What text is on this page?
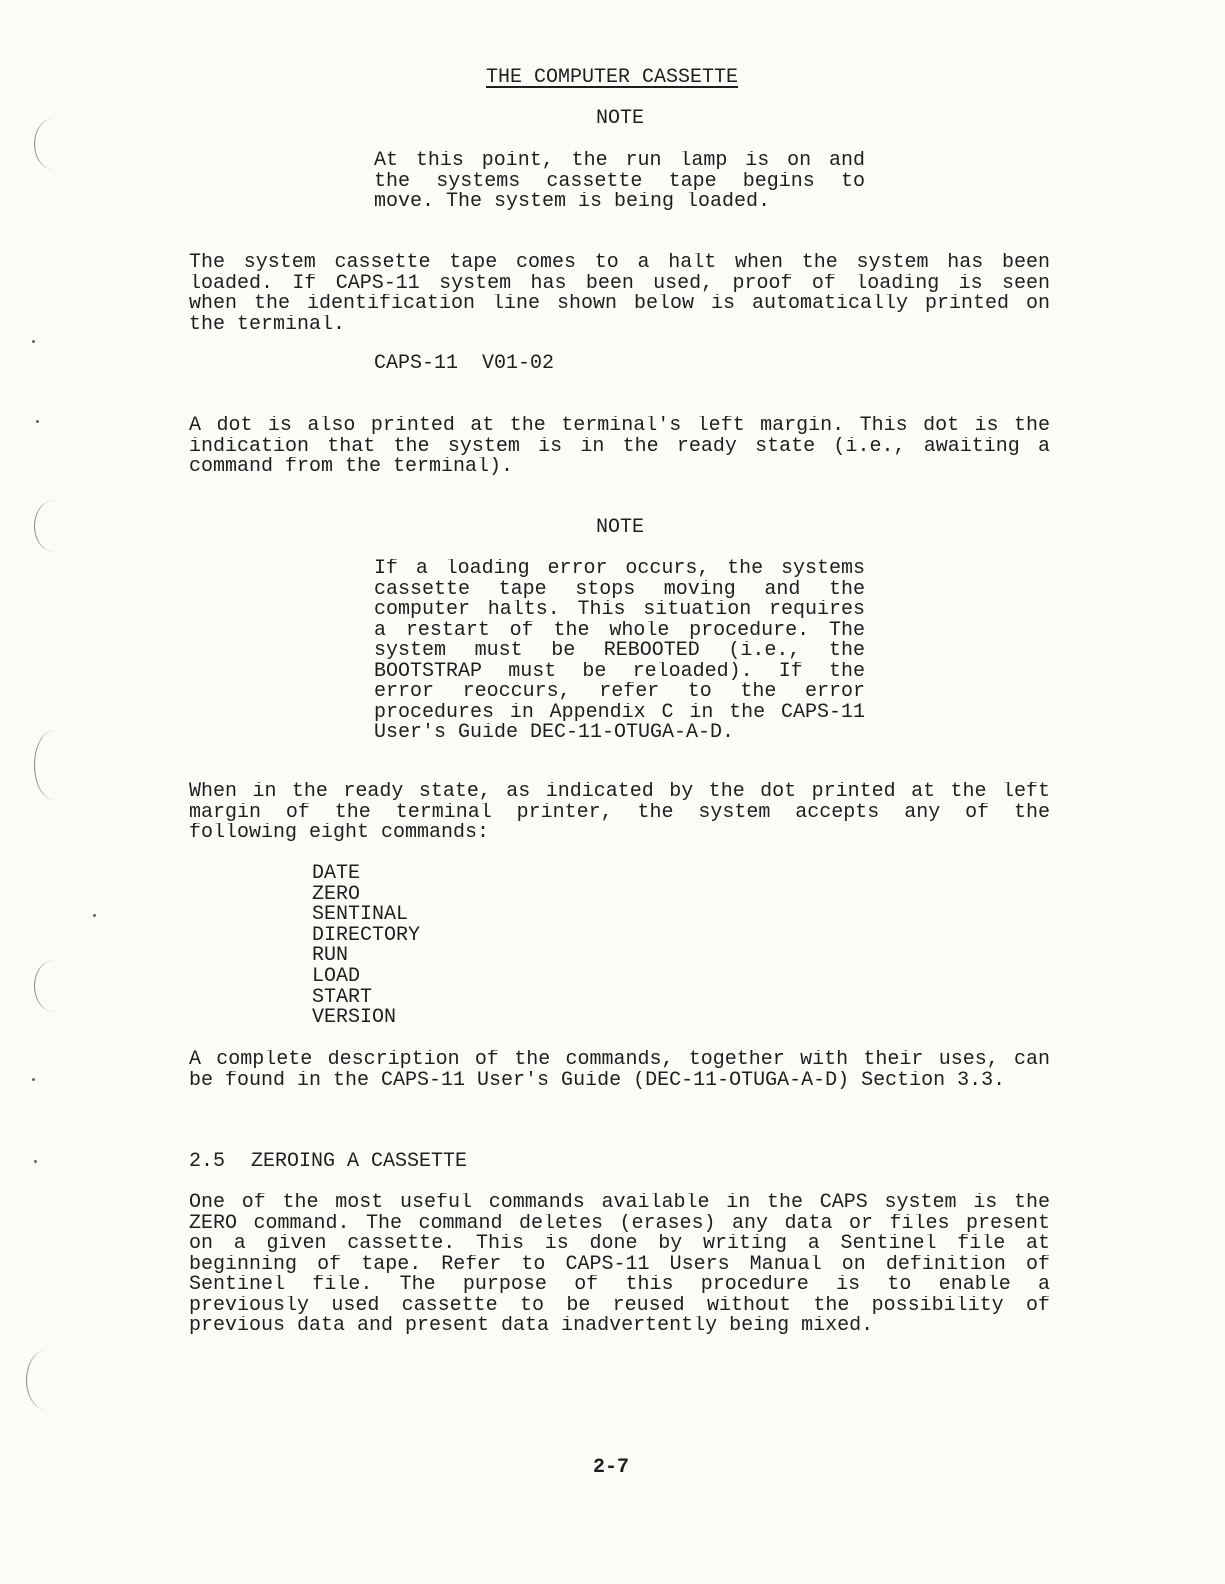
THE COMPUTER CASSETTE

NOTE

At this point, the run lamp is on and
the systems cassette tape begins to
move. The system is being loaded.
The system cassette tape comes to a halt when the system has been
loaded. If CAPS-11 system has been used, proof of loading is seen
when the identification line shown below is automatically printed on
the terminal.

CAPS-11  V01-02

A dot is also printed at the terminal's left margin. This dot is the
indication that the system is in the ready state (i.e., awaiting a
command from the terminal).

NOTE

If a loading error occurs, the systems
cassette tape stops moving and the
computer halts. This situation requires
a restart of the whole procedure. The
system must be REBOOTED (i.e., the
BOOTSTRAP must be reloaded). If the
error reoccurs, refer to the error
procedures in Appendix C in the CAPS-11
User's Guide DEC-11-OTUGA-A-D.
When in the ready state, as indicated by the dot printed at the left
margin of the terminal printer, the system accepts any of the
following eight commands:
DATE
ZERO
SENTINAL
DIRECTORY
RUN
LOAD
START
VERSION
A complete description of the commands, together with their uses, can
be found in the CAPS-11 User's Guide (DEC-11-OTUGA-A-D) Section 3.3.

2.5 ZEROING A CASSETTE

One of the most useful commands available in the CAPS system is the
ZERO command. The command deletes (erases) any data or files present
on a given cassette. This is done by writing a Sentinel file at
beginning of tape. Refer to CAPS-11 Users Manual on definition of
Sentinel file. The purpose of this procedure is to enable a
previously used cassette to be reused without the possibility of
previous data and present data inadvertently being mixed.

2-7
